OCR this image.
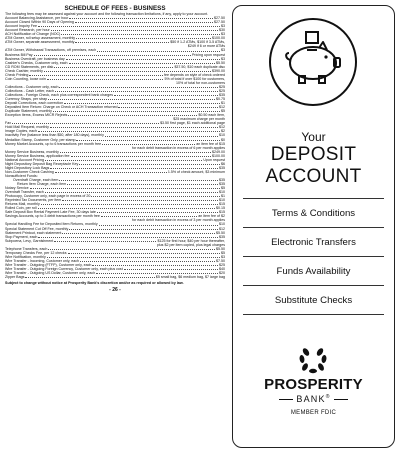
SCHEDULE OF FEES - BUSINESS
The following fees may be assessed against your account and the following transaction limitations, if any, apply to your account.
Account Balancing Assistance, per hour	$27.50
Account Closed Within 90 Days of Opening	$27.50
Account Inquiry Fee	$3
Account Research, per hour	$30
ACH Notification of Change (NOC)	$3
ATM Owner, roll setup assessment, monthly	$100.00
ATM Owner, separate assessment, monthly	$50 if 1-2 ATMs, $100 if 3-5 ATMs,
$249 if 6 or more ATMs
ATM Owner, Withdrawal Transactions, off premises, each	$3
Business Bill Pay	Pricing upon request
Business Overdraft, per business day	$3
Cashier's Checks, Customer only, each	$5.50
CD ROM Statements, per disk	$37.50, $10 each duplicate disc
Check Cashier, monthly	$390.00
Check Printing	fee depends on style of check ordered
Coin Counting, loose coin	5% of total if over $100 for customers,
10% of total for non-customers
Collections - Customer only, each	$25
Collections - Cash Letter, each	$25
Collections - Foreign Check, each plus correspondent bank charges	$35
Currency Straps, per strap	$0.75
Deposit Corrections, each correction	$1
Deposited Item Return: Charge on Check or ACH Transaction returned	$12
Duplicate Statement, monthly	$5
Exception Items, Excess MICR Rejects	$0.50 each item,
$25 maximum charge per month
Fax	$3.50 first page, $1 each additional page
Hold Mail Request, monthly	$12
Image Copies, each	$2
Inactivity Fee (balance less than $50, after 180 days), monthly	$10
Medallion Stamp, Customer Only, per stamp	$0
Money Market Accounts, up to 6 transactions per month free	an item fee of $15
for each debit transaction in excess of 6 per month applies
Money Service Business, monthly	$249.00
Money Service Business, application fee	$100.00
National Account Pricing	Upon request
Night Depository Deposit Bag Receptacle Key	$6
Night Depository Lock Bags	$35
Non-Customer Check Cashing	1.5% of check amount, $3 minimum
Nonsufficient Funds:
Overdraft Charge, each item	$35
Return Item Charge, each item	$35
Notary Service	$5
Overdraft Transfer, each	$10
Photocopy, Customer only, each page in excess of 20	$1
Reprinted Tax Documents, per item	$10
Returns Mail, monthly	$15
Rolled Coin, per roll	$0.15
Safe Deposit Box Rental Payment Late Fee, 30 days late	$15
Savings Accounts, up to 3 debit transactions per month free	an item fee of $2
for each debit transaction in excess of 3 per month applies
Special Handling Fee for Deposited Item Returns, monthly	$10
Special Statement Cut Off Fee, monthly	$12
Statement Printout, each statement	$5.50
Stop Payment, each	$35
Subpoena, Levy, Garnishment	$125 for first hour, $40 per hour thereafter,
plus $2 per item copied, plus legal charges
Telephone Transfers, each	$5.50
Temporary Checks Fee, per 12 checks	$5
Wire Notification, monthly	$3
Wire Transfer - Incoming, Customer only, each	$7.50
Wire Transfer - Outgoing (FTFP), Customer only, each	$25
Wire Transfer - Outgoing Foreign Currency, Customer only, each plus cost	$40
Wire Transfer - Outgoing US Dollar, Customer only, each	$20
Zipper Bags	$5 small bag, $6 medium bag, $7 large bag
Subject to change without notice at Prosperity Bank's discretion and/or as required or allowed by law.
- 26 -
Your
DEPOSIT
ACCOUNT
Terms & Conditions
Electronic Transfers
Funds Availability
Substitute Checks
PROSPERITY
BANK®
MEMBER FDIC
